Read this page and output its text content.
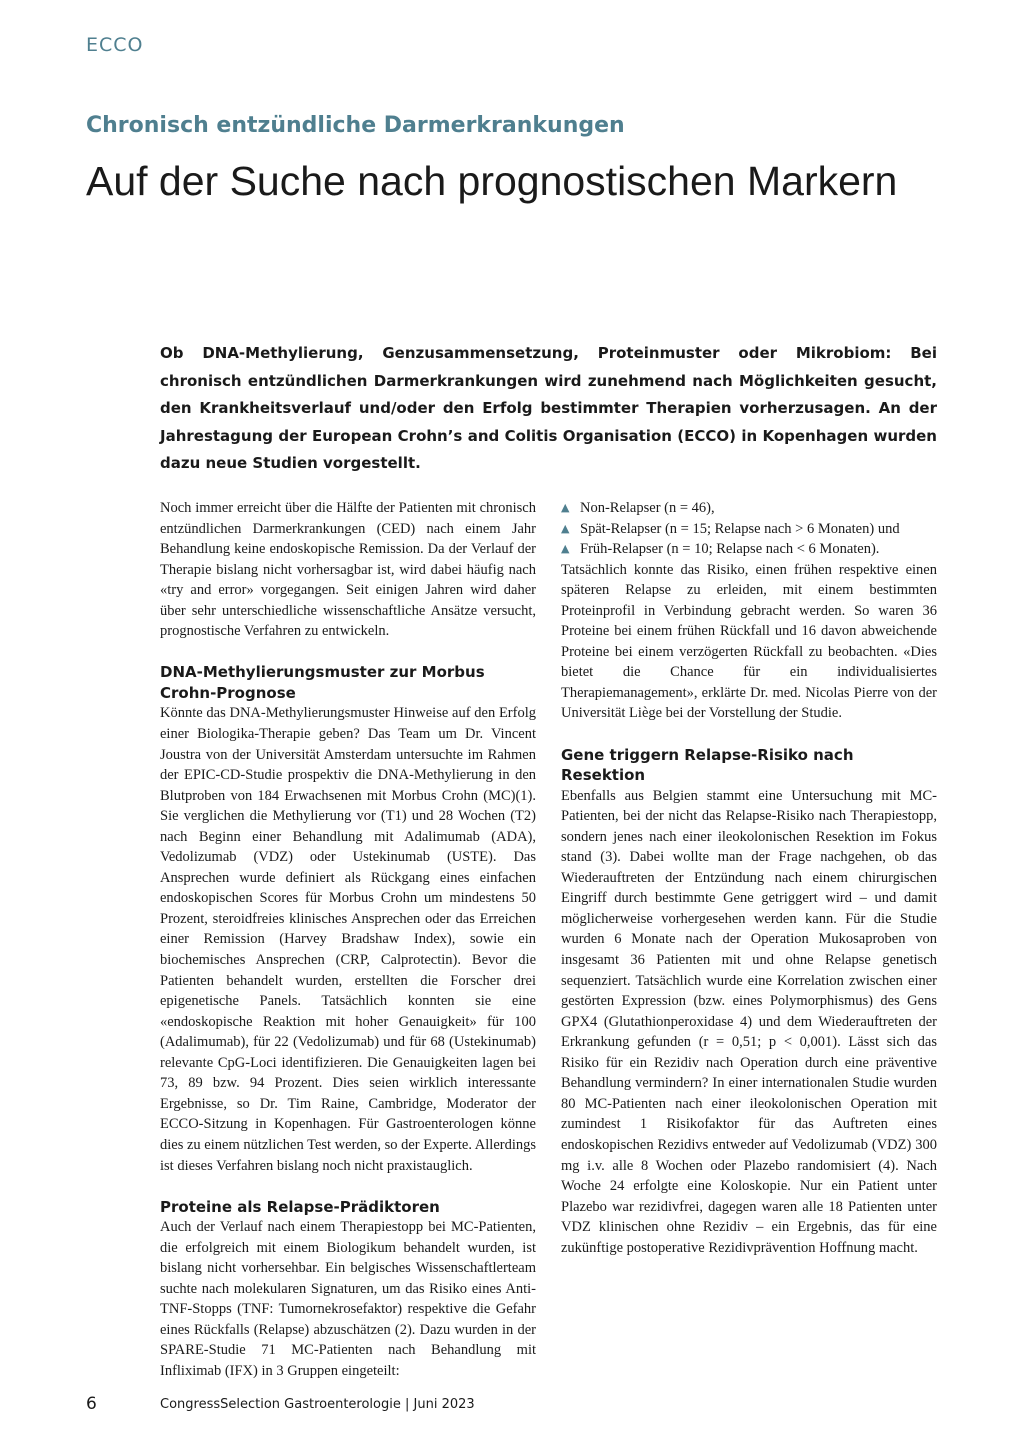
ECCO
Chronisch entzündliche Darmerkrankungen
Auf der Suche nach prognostischen Markern

Ob DNA-Methylierung, Genzusammensetzung, Proteinmuster oder Mikrobiom: Bei chronisch entzündlichen Darmerkrankungen wird zunehmend nach Möglichkeiten gesucht, den Krankheitsverlauf und/oder den Erfolg bestimmter Therapien vorherzusagen. An der Jahrestagung der European Crohn’s and Colitis Organisation (ECCO) in Kopenhagen wurden dazu neue Studien vorgestellt.

Noch immer erreicht über die Hälfte der Patienten mit chronisch entzündlichen Darmerkrankungen (CED) nach einem Jahr Behandlung keine endoskopische Remission. Da der Verlauf der Therapie bislang nicht vorhersagbar ist, wird dabei häufig nach «try and error» vorgegangen. Seit einigen Jahren wird daher über sehr unterschiedliche wissenschaftliche Ansätze versucht, prognostische Verfahren zu entwickeln.

DNA-Methylierungsmuster zur Morbus Crohn-Prognose

Könnte das DNA-Methylierungsmuster Hinweise auf den Erfolg einer Biologika-Therapie geben? Das Team um Dr. Vincent Joustra von der Universität Amsterdam untersuchte im Rahmen der EPIC-CD-Studie prospektiv die DNA-Methylierung in den Blutproben von 184 Erwachsenen mit Morbus Crohn (MC)(1). Sie verglichen die Methylierung vor (T1) und 28 Wochen (T2) nach Beginn einer Behandlung mit Adalimumab (ADA), Vedolizumab (VDZ) oder Ustekinumab (USTE). Das Ansprechen wurde definiert als Rückgang eines einfachen endoskopischen Scores für Morbus Crohn um mindestens 50 Prozent, steroidfreies klinisches Ansprechen oder das Erreichen einer Remission (Harvey Bradshaw Index), sowie ein biochemisches Ansprechen (CRP, Calprotectin). Bevor die Patienten behandelt wurden, erstellten die Forscher drei epigenetische Panels. Tatsächlich konnten sie eine «endoskopische Reaktion mit hoher Genauigkeit» für 100 (Adalimumab), für 22 (Vedolizumab) und für 68 (Ustekinumab) relevante CpG-Loci identifizieren. Die Genauigkeiten lagen bei 73, 89 bzw. 94 Prozent. Dies seien wirklich interessante Ergebnisse, so Dr. Tim Raine, Cambridge, Moderator der ECCO-Sitzung in Kopenhagen. Für Gastroenterologen könne dies zu einem nützlichen Test werden, so der Experte. Allerdings ist dieses Verfahren bislang noch nicht praxistauglich.

Proteine als Relapse-Prädiktoren

Auch der Verlauf nach einem Therapiestopp bei MC-Patienten, die erfolgreich mit einem Biologikum behandelt wurden, ist bislang nicht vorhersehbar. Ein belgisches Wissenschaftlerteam suchte nach molekularen Signaturen, um das Risiko eines Anti-TNF-Stopps (TNF: Tumornekrosefaktor) respektive die Gefahr eines Rückfalls (Relapse) abzuschätzen (2). Dazu wurden in der SPARE-Studie 71 MC-Patienten nach Behandlung mit Infliximab (IFX) in 3 Gruppen eingeteilt:

▲ Non-Relapser (n = 46),
▲ Spät-Relapser (n = 15; Relapse nach > 6 Monaten) und
▲ Früh-Relapser (n = 10; Relapse nach < 6 Monaten).

Tatsächlich konnte das Risiko, einen frühen respektive einen späteren Relapse zu erleiden, mit einem bestimmten Proteinprofil in Verbindung gebracht werden. So waren 36 Proteine bei einem frühen Rückfall und 16 davon abweichende Proteine bei einem verzögerten Rückfall zu beobachten. «Dies bietet die Chance für ein individualisiertes Therapiemanagement», erklärte Dr. med. Nicolas Pierre von der Universität Liège bei der Vorstellung der Studie.

Gene triggern Relapse-Risiko nach Resektion

Ebenfalls aus Belgien stammt eine Untersuchung mit MC-Patienten, bei der nicht das Relapse-Risiko nach Therapiestopp, sondern jenes nach einer ileokolonischen Resektion im Fokus stand (3). Dabei wollte man der Frage nachgehen, ob das Wiederauftreten der Entzündung nach einem chirurgischen Eingriff durch bestimmte Gene getriggert wird – und damit möglicherweise vorhergesehen werden kann. Für die Studie wurden 6 Monate nach der Operation Mukosaproben von insgesamt 36 Patienten mit und ohne Relapse genetisch sequenziert. Tatsächlich wurde eine Korrelation zwischen einer gestörten Expression (bzw. eines Polymorphismus) des Gens GPX4 (Glutathionperoxidase 4) und dem Wiederauftreten der Erkrankung gefunden (r = 0,51; p < 0,001). Lässt sich das Risiko für ein Rezidiv nach Operation durch eine präventive Behandlung vermindern? In einer internationalen Studie wurden 80 MC-Patienten nach einer ileokolonischen Operation mit zumindest 1 Risikofaktor für das Auftreten eines endoskopischen Rezidivs entweder auf Vedolizumab (VDZ) 300 mg i.v. alle 8 Wochen oder Plazebo randomisiert (4). Nach Woche 24 erfolgte eine Koloskopie. Nur ein Patient unter Plazebo war rezidivfrei, dagegen waren alle 18 Patienten unter VDZ klinischen ohne Rezidiv – ein Ergebnis, das für eine zukünftige postoperative Rezidivprävention Hoffnung macht.

6	CongressSelection Gastroenterologie | Juni 2023
